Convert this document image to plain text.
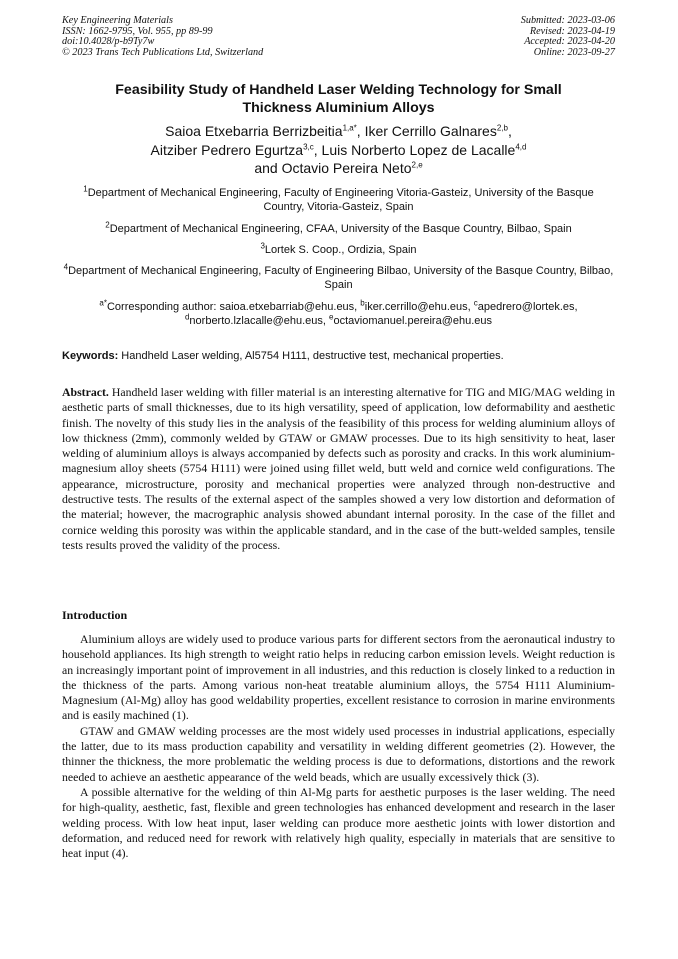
Key Engineering Materials
ISSN: 1662-9795, Vol. 955, pp 89-99
doi:10.4028/p-b9Ty7w
© 2023 Trans Tech Publications Ltd, Switzerland
Submitted: 2023-03-06
Revised: 2023-04-19
Accepted: 2023-04-20
Online: 2023-09-27
Feasibility Study of Handheld Laser Welding Technology for Small
Thickness Aluminium Alloys
Saioa Etxebarria Berrizbeitia$^{1,a*}$, Iker Cerrillo Galnares$^{2,b}$,
Aitziber Pedrero Egurtza$^{3,c}$, Luis Norberto Lopez de Lacalle$^{4,d}$
and Octavio Pereira Neto$^{2,e}$
$^1$Department of Mechanical Engineering, Faculty of Engineering Vitoria-Gasteiz, University of the Basque Country, Vitoria-Gasteiz, Spain
$^2$Department of Mechanical Engineering, CFAA, University of the Basque Country, Bilbao, Spain
$^3$Lortek S. Coop., Ordizia, Spain
$^4$Department of Mechanical Engineering, Faculty of Engineering Bilbao, University of the Basque Country, Bilbao, Spain
$^{a*}$Corresponding author: saioa.etxebarriab@ehu.eus, $^b$iker.cerrillo@ehu.eus, $^c$apedrero@lortek.es,
$^d$norberto.lzlacalle@ehu.eus, $^e$octaviomanuel.pereira@ehu.eus
Keywords: Handheld Laser welding, Al5754 H111, destructive test, mechanical properties.
Abstract. Handheld laser welding with filler material is an interesting alternative for TIG and MIG/MAG welding in aesthetic parts of small thicknesses, due to its high versatility, speed of application, low deformability and aesthetic finish. The novelty of this study lies in the analysis of the feasibility of this process for welding aluminium alloys of low thickness (2mm), commonly welded by GTAW or GMAW processes. Due to its high sensitivity to heat, laser welding of aluminium alloys is always accompanied by defects such as porosity and cracks. In this work aluminium-magnesium alloy sheets (5754 H111) were joined using fillet weld, butt weld and cornice weld configurations. The appearance, microstructure, porosity and mechanical properties were analyzed through non-destructive and destructive tests. The results of the external aspect of the samples showed a very low distortion and deformation of the material; however, the macrographic analysis showed abundant internal porosity. In the case of the fillet and cornice welding this porosity was within the applicable standard, and in the case of the butt-welded samples, tensile tests results proved the validity of the process.
Introduction

Aluminium alloys are widely used to produce various parts for different sectors from the aeronautical industry to household appliances. Its high strength to weight ratio helps in reducing carbon emission levels. Weight reduction is an increasingly important point of improvement in all industries, and this reduction is closely linked to a reduction in the thickness of the parts. Among various non-heat treatable aluminium alloys, the 5754 H111 Aluminium-Magnesium (Al-Mg) alloy has good weldability properties, excellent resistance to corrosion in marine environments and is easily machined (1).

GTAW and GMAW welding processes are the most widely used processes in industrial applications, especially the latter, due to its mass production capability and versatility in welding different geometries (2). However, the thinner the thickness, the more problematic the welding process is due to deformations, distortions and the rework needed to achieve an aesthetic appearance of the weld beads, which are usually excessively thick (3).

A possible alternative for the welding of thin Al-Mg parts for aesthetic purposes is the laser welding. The need for high-quality, aesthetic, fast, flexible and green technologies has enhanced development and research in the laser welding process. With low heat input, laser welding can produce more aesthetic joints with lower distortion and deformation, and reduced need for rework with relatively high quality, especially in materials that are sensitive to heat input (4).
